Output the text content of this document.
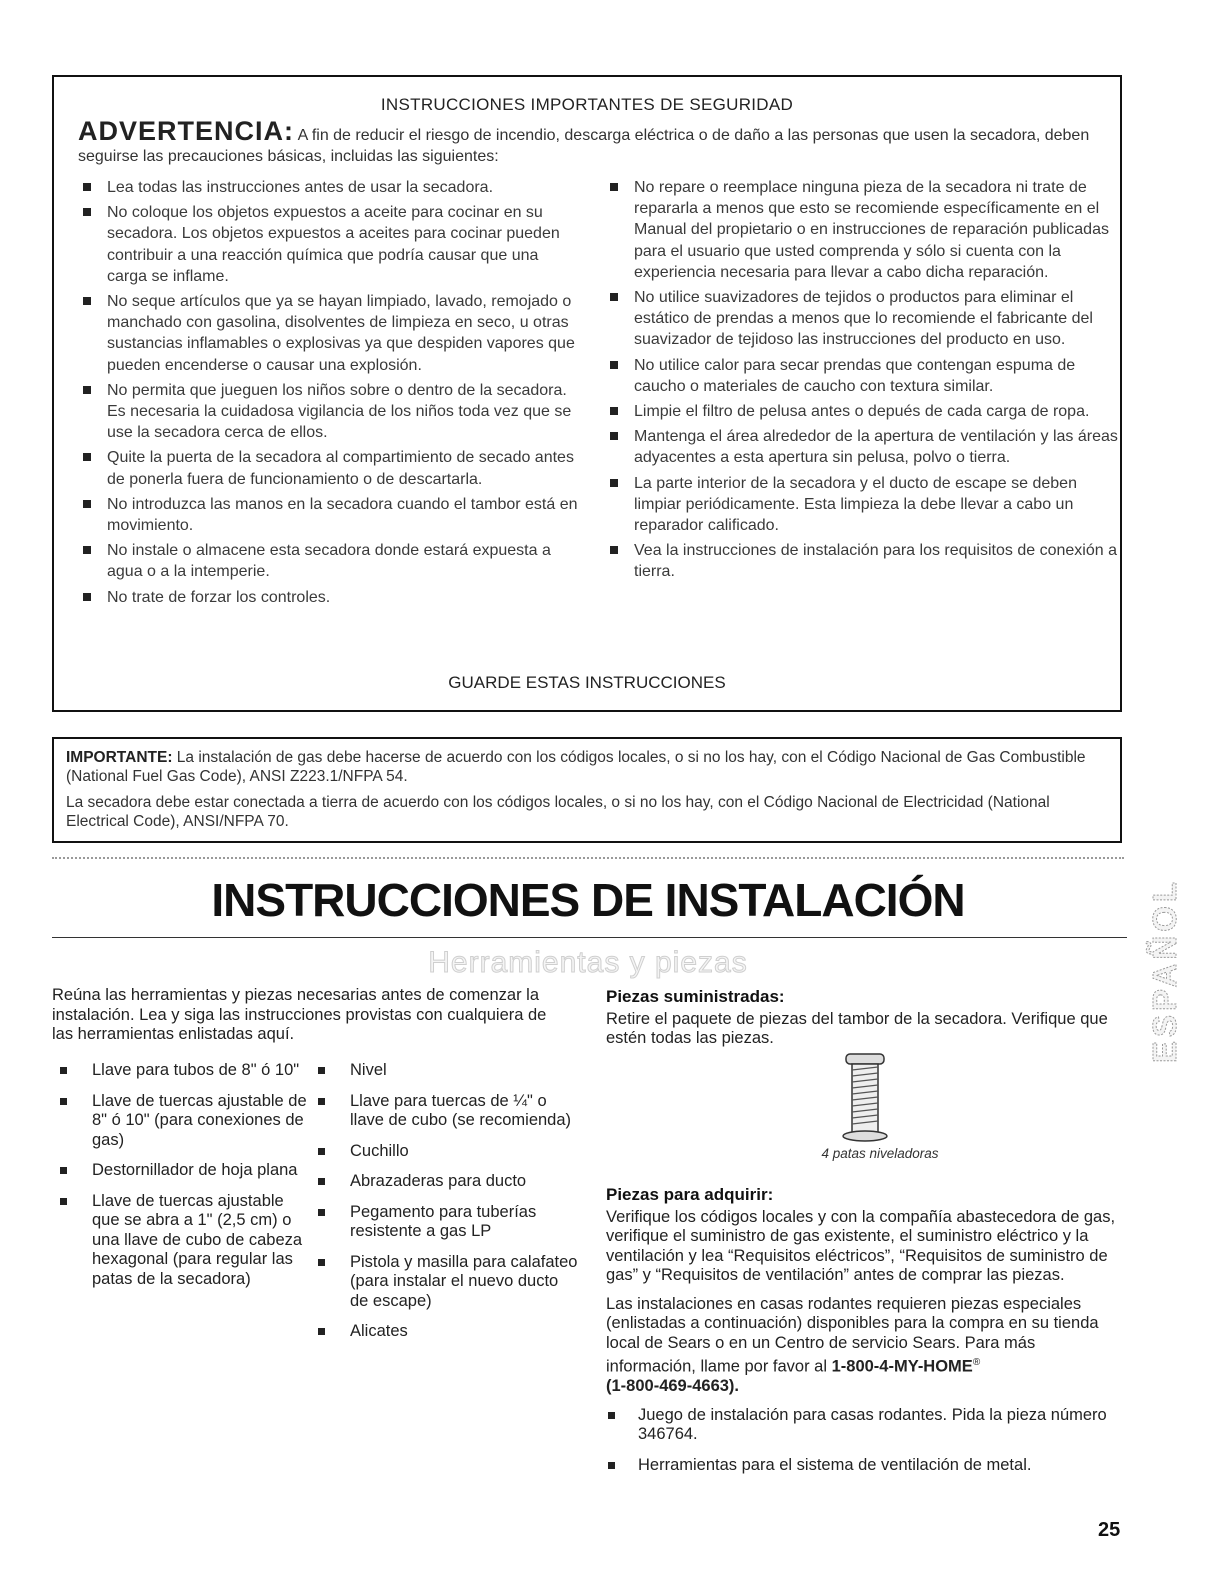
INSTRUCCIONES IMPORTANTES DE SEGURIDAD
ADVERTENCIA: A fin de reducir el riesgo de incendio, descarga eléctrica o de daño a las personas que usen la secadora, deben seguirse las precauciones básicas, incluidas las siguientes:
Lea todas las instrucciones antes de usar la secadora.
No coloque los objetos expuestos a aceite para cocinar en su secadora. Los objetos expuestos a aceites para cocinar pueden contribuir a una reacción química que podría causar que una carga se inflame.
No seque artículos que ya se hayan limpiado, lavado, remojado o manchado con gasolina, disolventes de limpieza en seco, u otras sustancias inflamables o explosivas ya que despiden vapores que pueden encenderse o causar una explosión.
No permita que jueguen los niños sobre o dentro de la secadora. Es necesaria la cuidadosa vigilancia de los niños toda vez que se use la secadora cerca de ellos.
Quite la puerta de la secadora al compartimiento de secado antes de ponerla fuera de funcionamiento o de descartarla.
No introduzca las manos en la secadora cuando el tambor está en movimiento.
No instale o almacene esta secadora donde estará expuesta a agua o a la intemperie.
No trate de forzar los controles.
No repare o reemplace ninguna pieza de la secadora ni trate de repararla a menos que esto se recomiende específicamente en el Manual del propietario o en instrucciones de reparación publicadas para el usuario que usted comprenda y sólo si cuenta con la experiencia necesaria para llevar a cabo dicha reparación.
No utilice suavizadores de tejidos o productos para eliminar el estático de prendas a menos que lo recomiende el fabricante del suavizador de tejidoso las instrucciones del producto en uso.
No utilice calor para secar prendas que contengan espuma de caucho o materiales de caucho con textura similar.
Limpie el filtro de pelusa antes o depués de cada carga de ropa.
Mantenga el área alrededor de la apertura de ventilación y las áreas adyacentes a esta apertura sin pelusa, polvo o tierra.
La parte interior de la secadora y el ducto de escape se deben limpiar periódicamente. Esta limpieza la debe llevar a cabo un reparador calificado.
Vea la instrucciones de instalación para los requisitos de conexión a tierra.
GUARDE ESTAS INSTRUCCIONES

IMPORTANTE: La instalación de gas debe hacerse de acuerdo con los códigos locales, o si no los hay, con el Código Nacional de Gas Combustible (National Fuel Gas Code), ANSI Z223.1/NFPA 54.

La secadora debe estar conectada a tierra de acuerdo con los códigos locales, o si no los hay, con el Código Nacional de Electricidad (National Electrical Code), ANSI/NFPA 70.

INSTRUCCIONES DE INSTALACIÓN
Herramientas y piezas
Reúna las herramientas y piezas necesarias antes de comenzar la instalación. Lea y siga las instrucciones provistas con cualquiera de las herramientas enlistadas aquí.
Llave para tubos de 8" ó 10"
Llave de tuercas ajustable de 8" ó 10" (para conexiones de gas)
Destornillador de hoja plana
Llave de tuercas ajustable que se abra a 1" (2,5 cm) o una llave de cubo de cabeza hexagonal (para regular las patas de la secadora)
Nivel
Llave para tuercas de ¼" o llave de cubo (se recomienda)
Cuchillo
Abrazaderas para ducto
Pegamento para tuberías resistente a gas LP
Pistola y masilla para calafateo (para instalar el nuevo ducto de escape)
Alicates
Piezas suministradas:

Retire el paquete de piezas del tambor de la secadora. Verifique que estén todas las piezas.

4 patas niveladoras
Piezas para adquirir:

Verifique los códigos locales y con la compañía abastecedora de gas, verifique el suministro de gas existente, el suministro eléctrico y la ventilación y lea “Requisitos eléctricos”, “Requisitos de suministro de gas” y “Requisitos de ventilación” antes de comprar las piezas.

Las instalaciones en casas rodantes requieren piezas especiales (enlistadas a continuación) disponibles para la compra en su tienda local de Sears o en un Centro de servicio Sears. Para más información, llame por favor al 1-800-4-MY-HOME®
(1-800-469-4663).

Juego de instalación para casas rodantes. Pida la pieza número 346764.
Herramientas para el sistema de ventilación de metal.
ESPAÑOL
25
